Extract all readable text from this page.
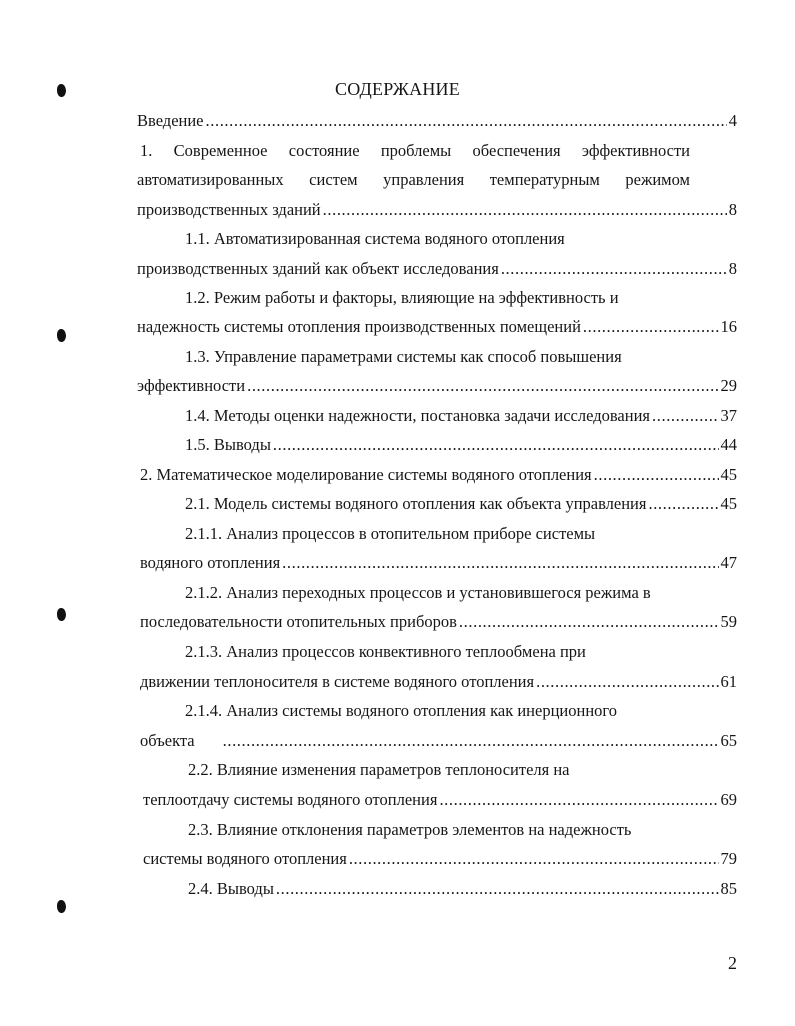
СОДЕРЖАНИЕ
Введение .....	4
1. Современное состояние проблемы обеспечения эффективности
автоматизированных систем управления температурным режимом
производственных зданий .....	8
1.1. Автоматизированная система водяного отопления
производственных зданий как объект исследования .....	8
1.2. Режим работы и факторы, влияющие на эффективность и
надежность системы отопления производственных помещений .....	16
1.3. Управление параметрами системы как способ повышения
эффективности .....	29
1.4. Методы оценки надежности, постановка задачи исследования .....	37
1.5. Выводы .....	44
2. Математическое моделирование системы водяного отопления .....	45
2.1. Модель системы водяного отопления как объекта управления .....	45
2.1.1. Анализ процессов в отопительном приборе системы
водяного отопления .....	47
2.1.2. Анализ переходных процессов и установившегося режима в
последовательности отопительных приборов .....	59
2.1.3. Анализ процессов конвективного теплообмена при
движении теплоносителя в системе водяного отопления .....	61
2.1.4. Анализ системы водяного отопления как инерционного
объекта .....	65
2.2. Влияние изменения параметров теплоносителя на
теплоотдачу системы водяного отопления .....	69
2.3. Влияние отклонения параметров элементов на надежность
системы водяного отопления .....	79
2.4. Выводы .....	85
2
